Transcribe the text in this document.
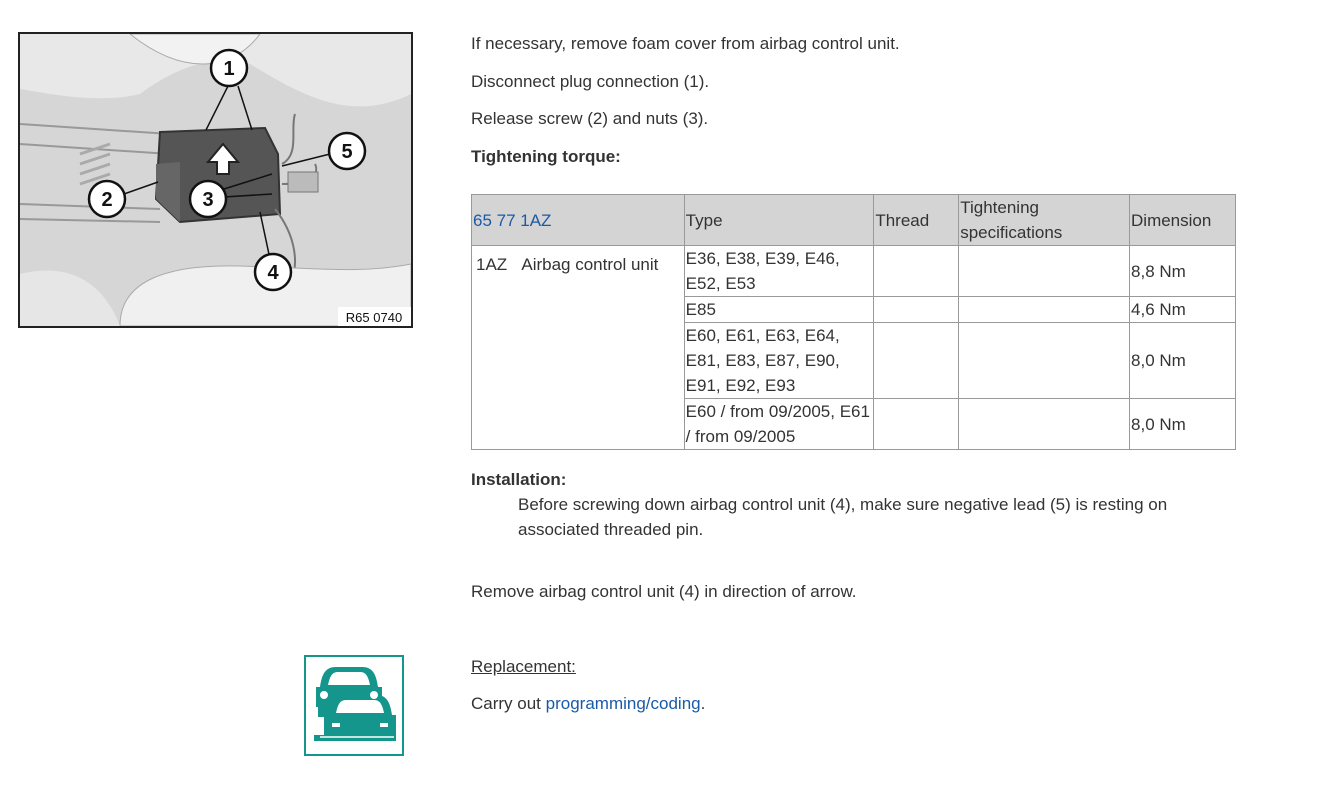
1
2	3
4
5
R65 0740

If necessary, remove foam cover from airbag control unit.

Disconnect plug connection (1).

Release screw (2) and nuts (3).

Tightening torque:

65 77 1AZ	Type	Thread	Tightening specifications	Dimension
1AZ Airbag control unit	E36, E38, E39, E46, E52, E53			8,8 Nm
	E85			4,6 Nm
	E60, E61, E63, E64, E81, E83, E87, E90, E91, E92, E93			8,0 Nm
	E60 / from 09/2005, E61 / from 09/2005			8,0 Nm

Installation:

Before screwing down airbag control unit (4), make sure negative lead (5) is resting on associated threaded pin.

Remove airbag control unit (4) in direction of arrow.

Replacement:

Carry out programming/coding.
